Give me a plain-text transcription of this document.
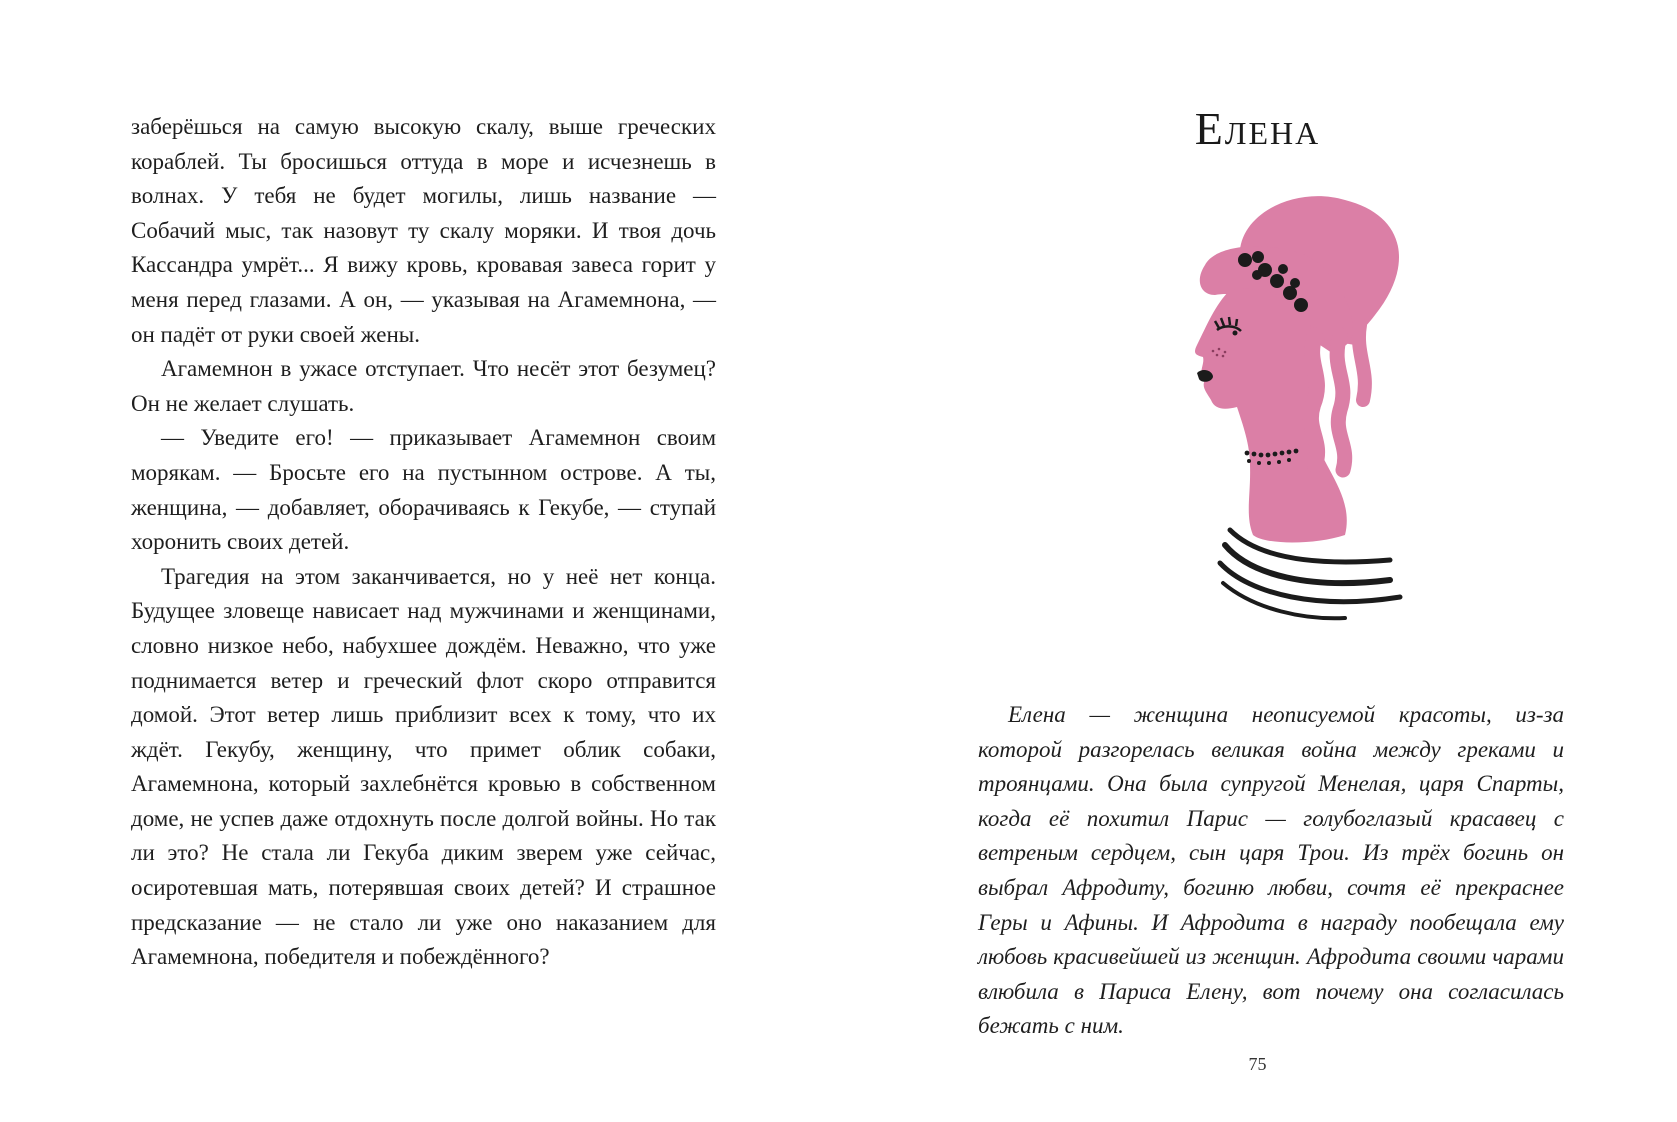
заберёшься на самую высокую скалу, выше греческих кораблей. Ты бросишься оттуда в море и исчезнешь в волнах. У тебя не будет могилы, лишь название — Собачий мыс, так назовут ту скалу моряки. И твоя дочь Кассандра умрёт... Я вижу кровь, кровавая завеса горит у меня перед глазами. А он, — указывая на Агамемнона, — он падёт от руки своей жены.

Агамемнон в ужасе отступает. Что несёт этот безумец? Он не желает слушать.

— Уведите его! — приказывает Агамемнон своим морякам. — Бросьте его на пустынном острове. А ты, женщина, — добавляет, оборачиваясь к Гекубе, — ступай хоронить своих детей.

Трагедия на этом заканчивается, но у неё нет конца. Будущее зловеще нависает над мужчинами и женщинами, словно низкое небо, набухшее дождём. Неважно, что уже поднимается ветер и греческий флот скоро отправится домой. Этот ветер лишь приблизит всех к тому, что их ждёт. Гекубу, женщину, что примет облик собаки, Агамемнона, который захлебнётся кровью в собственном доме, не успев даже отдохнуть после долгой войны. Но так ли это? Не стала ли Гекуба диким зверем уже сейчас, осиротевшая мать, потерявшая своих детей? И страшное предсказание — не стало ли уже оно наказанием для Агамемнона, победителя и побеждённого?

Елена

Елена — женщина неописуемой красоты, из-за которой разгорелась великая война между греками и троянцами. Она была супругой Менелая, царя Спарты, когда её похитил Парис — голубоглазый красавец с ветреным сердцем, сын царя Трои. Из трёх богинь он выбрал Афродиту, богиню любви, сочтя её прекраснее Геры и Афины. И Афродита в награду пообещала ему любовь красивейшей из женщин. Афродита своими чарами влюбила в Париса Елену, вот почему она согласилась бежать с ним.

75
